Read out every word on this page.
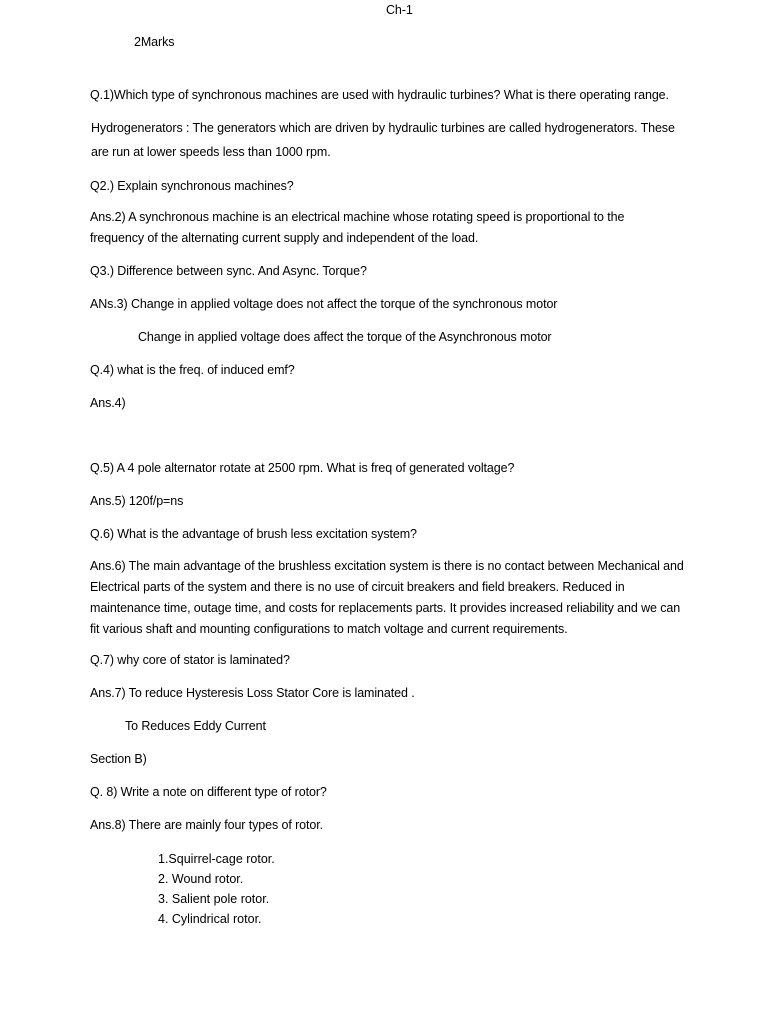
Ch-1
2Marks
Q.1)Which type of synchronous machines are used with hydraulic turbines? What is there operating range.
Hydrogenerators : The generators which are driven by hydraulic turbines are called hydrogenerators. These
are run at lower speeds less than 1000 rpm.
Q2.) Explain synchronous machines?
Ans.2) A synchronous machine is an electrical machine whose rotating speed is proportional to the
frequency of the alternating current supply and independent of the load.
Q3.) Difference between sync. And Async. Torque?
ANs.3) Change in applied voltage does not affect the torque of the synchronous motor
Change in applied voltage does affect the torque of the Asynchronous motor
Q.4) what is the freq. of induced emf?
Ans.4)
Q.5) A 4 pole alternator rotate at 2500 rpm. What is freq of generated voltage?
Ans.5) 120f/p=ns
Q.6) What is the advantage of brush less excitation system?
Ans.6) The main advantage of the brushless excitation system is there is no contact between Mechanical and
Electrical parts of the system and there is no use of circuit breakers and field breakers. Reduced in
maintenance time, outage time, and costs for replacements parts. It provides increased reliability and we can
fit various shaft and mounting configurations to match voltage and current requirements.
Q.7) why core of stator is laminated?
Ans.7) To reduce Hysteresis Loss Stator Core is laminated .
To Reduces Eddy Current
Section B)
Q. 8) Write a note on different type of rotor?
Ans.8) There are mainly four types of rotor.
1.Squirrel-cage rotor.
2. Wound rotor.
3. Salient pole rotor.
4. Cylindrical rotor.
